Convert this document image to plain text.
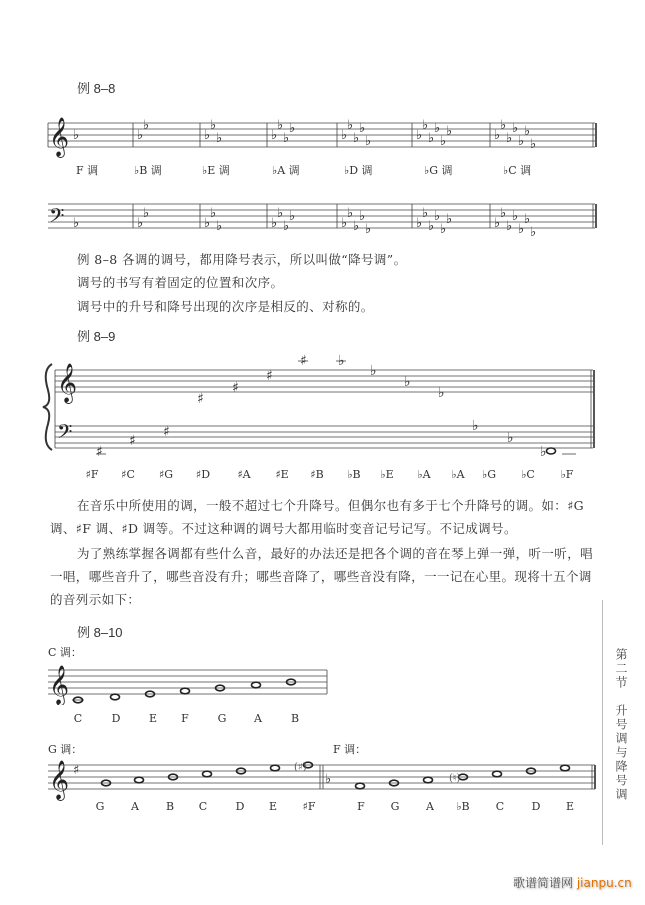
例 8–8
𝄞 ♭	♭
♭
♭
♭
♭	♭
♭
♭
♭	♭
♭
♭
♭
♭	♭
♭
♭
♭
♭
♭	♭
♭
♭
♭
♭
♭
♭
F 调	♭B 调	♭E 调	♭A 调	♭D 调	♭G 调	♭C 调
𝄢 ♭	♭
♭
♭
♭
♭	♭
♭
♭
♭	♭
♭
♭
♭
♭	♭
♭
♭
♭
♭
♭	♭
♭
♭
♭
♭
♭
♭
例 8–8 各调的调号，都用降号表示，所以叫做“降号调”。
调号的书写有着固定的位置和次序。
调号中的升号和降号出现的次序是相反的、对称的。
例 8–9
𝄞
𝄢
♯
♯
♯
♯
♯
♯
♯ ♭
♭
♭
♭
♭
♭
♭
♯F ♯C ♯G ♯D ♯A ♯E ♯B ♭B ♭E ♭A ♭A ♭G ♭C ♭F
在音乐中所使用的调，一般不超过七个升降号。但偶尔也有多于七个升降号的调。如：♯G调、♯F 调、♯D 调等。不过这种调的调号大都用临时变音记号记写。不记成调号。
为了熟练掌握各调都有些什么音，最好的办法还是把各个调的音在琴上弹一弹，听一听，唱一唱，哪些音升了，哪些音没有升；哪些音降了，哪些音没有降，一一记在心里。现将十五个调的音列示如下：
例 8–10
C 调：
𝄞
C	D	E F	G	A	B
G 调：	F 调：
𝄞 ♯	(♯)
♭	(♮)
G A B C	D E ♯F	F G A ♭B C D E
第二节升号调与降号调
歌谱简谱网 jianpu.cn
